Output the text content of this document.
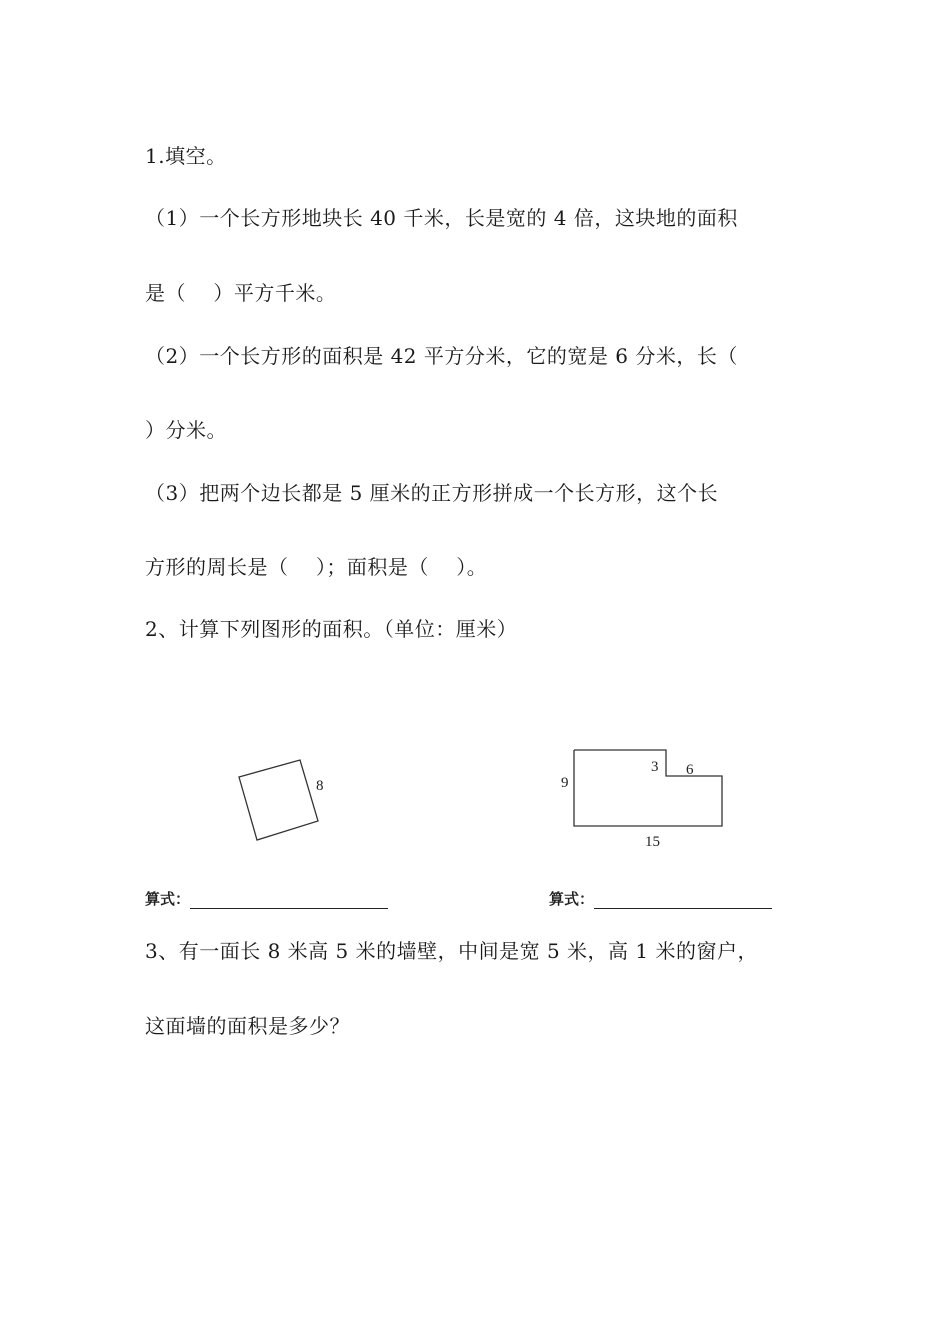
1.填空。
（1）一个长方形地块长 40 千米，长是宽的 4 倍，这块地的面积
是（　 ）平方千米。
（2）一个长方形的面积是 42 平方分米，它的宽是 6 分米，长（
）分米。
（3）把两个边长都是 5 厘米的正方形拼成一个长方形，这个长
方形的周长是（　 ）；面积是（　 ）。
2、计算下列图形的面积。（单位：厘米）
8	9
3 6
15
算式：	算式：
3、有一面长 8 米高 5 米的墙壁，中间是宽 5 米，高 1 米的窗户，
这面墙的面积是多少？
